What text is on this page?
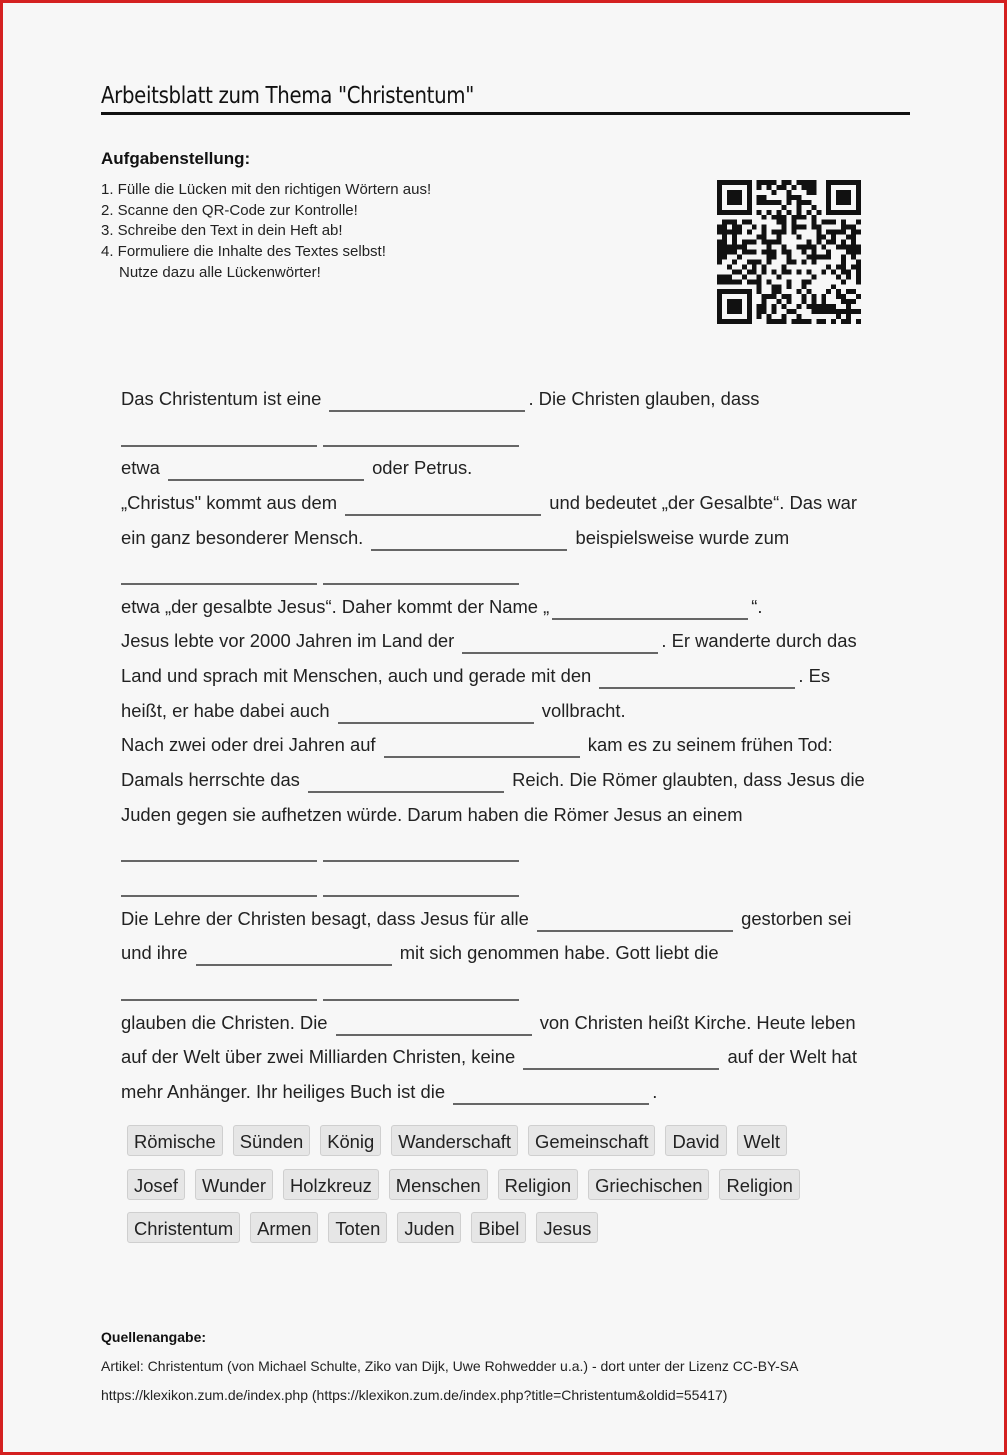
Arbeitsblatt zum Thema "Christentum"
Aufgabenstellung:
1. Fülle die Lücken mit den richtigen Wörtern aus!
2. Scanne den QR-Code zur Kontrolle!
3. Schreibe den Text in dein Heft ab!
4. Formuliere die Inhalte des Textes selbst!
Nutze dazu alle Lückenwörter!
Das Christentum ist eine	. Die Christen glauben, dass
etwa	oder Petrus.
„Christus" kommt aus dem	und bedeutet „der Gesalbte“. Das war
ein ganz besonderer Mensch.	beispielsweise wurde zum
etwa „der gesalbte Jesus“. Daher kommt der Name „	“.
Jesus lebte vor 2000 Jahren im Land der	. Er wanderte durch das
Land und sprach mit Menschen, auch und gerade mit den	. Es
heißt, er habe dabei auch	vollbracht.
Nach zwei oder drei Jahren auf	kam es zu seinem frühen Tod:
Damals herrschte das	Reich. Die Römer glaubten, dass Jesus die
Juden gegen sie aufhetzen würde. Darum haben die Römer Jesus an einem
Die Lehre der Christen besagt, dass Jesus für alle	gestorben sei
und ihre	mit sich genommen habe. Gott liebt die
glauben die Christen. Die	von Christen heißt Kirche. Heute leben
auf der Welt über zwei Milliarden Christen, keine	auf der Welt hat
mehr Anhänger. Ihr heiliges Buch ist die	.
Römische Sünden König Wanderschaft Gemeinschaft David Welt
Josef Wunder Holzkreuz Menschen Religion Griechischen Religion
Christentum Armen Toten Juden Bibel Jesus
Quellenangabe:
Artikel: Christentum (von Michael Schulte, Ziko van Dijk, Uwe Rohwedder u.a.) - dort unter der Lizenz CC-BY-SA
https://klexikon.zum.de/index.php (https://klexikon.zum.de/index.php?title=Christentum&oldid=55417)
